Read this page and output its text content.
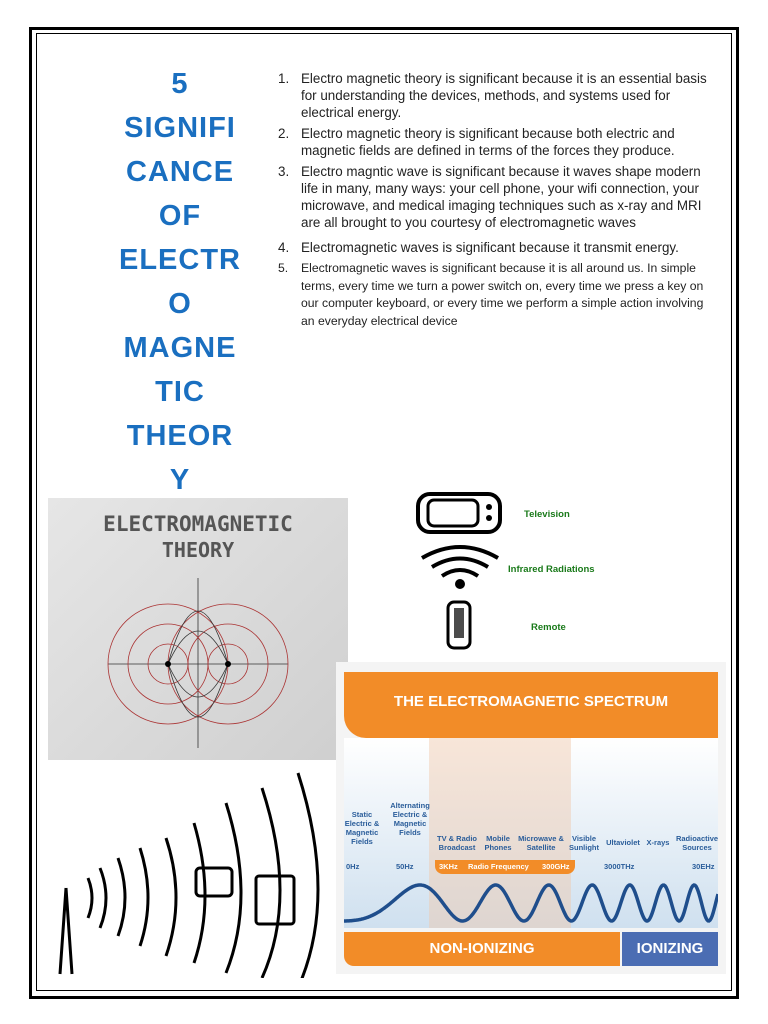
5
SIGNIFI
CANCE
OF
ELECTR
O
MAGNE
TIC
THEOR
Y
1. Electro magnetic theory is significant because it is an essential basis for understanding the devices, methods, and systems used for electrical energy.
2. Electro magnetic theory is significant because both electric and magnetic fields are defined in terms of the forces they produce.
3. Electro magntic wave is significant because it waves shape modern life in many, many ways: your cell phone, your wifi connection, your microwave, and medical imaging techniques such as x-ray and MRI are all brought to you courtesy of electromagnetic waves
4. Electromagnetic waves is significant because it transmit energy.
5. Electromagnetic waves is significant because it is all around us. In simple terms, every time we turn a power switch on, every time we press a key on our computer keyboard, or every time we perform a simple action involving an everyday electrical device
ELECTROMAGNETIC
THEORY
Television
Infrared Radiations
Remote
THE ELECTROMAGNETIC SPECTRUM
Static Electric & Magnetic Fields
Alternating Electric & Magnetic Fields
TV & Radio Broadcast
Mobile Phones
Microwave & Satellite
Visible Sunlight
Ultaviolet X-rays Radioactive Sources
0Hz	50Hz	3KHz Radio Frequency 300GHz	3000THz	30EHz
NON-IONIZING	IONIZING
